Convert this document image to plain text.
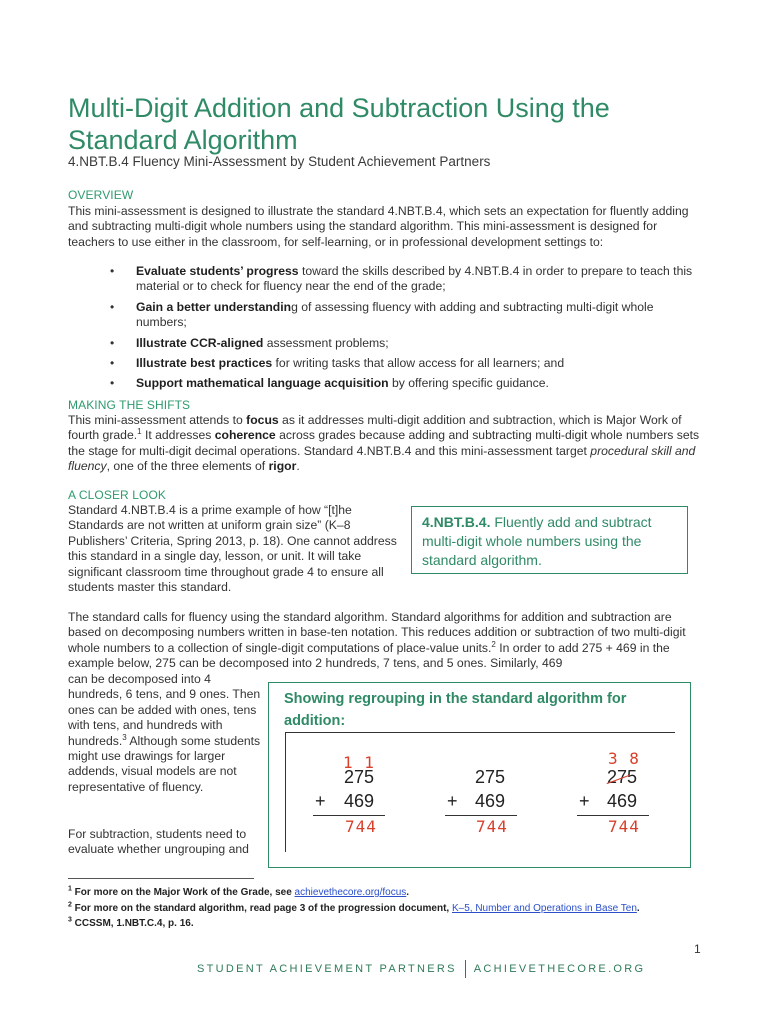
Multi-Digit Addition and Subtraction Using the Standard Algorithm
4.NBT.B.4 Fluency Mini-Assessment by Student Achievement Partners
OVERVIEW
This mini-assessment is designed to illustrate the standard 4.NBT.B.4, which sets an expectation for fluently adding and subtracting multi-digit whole numbers using the standard algorithm. This mini-assessment is designed for teachers to use either in the classroom, for self-learning, or in professional development settings to:
• Evaluate students’ progress toward the skills described by 4.NBT.B.4 in order to prepare to teach this material or to check for fluency near the end of the grade;
• Gain a better understanding of assessing fluency with adding and subtracting multi-digit whole numbers;
• Illustrate CCR-aligned assessment problems;
• Illustrate best practices for writing tasks that allow access for all learners; and
• Support mathematical language acquisition by offering specific guidance.
MAKING THE SHIFTS
This mini-assessment attends to focus as it addresses multi-digit addition and subtraction, which is Major Work of fourth grade.$^1$ It addresses coherence across grades because adding and subtracting multi-digit whole numbers sets the stage for multi-digit decimal operations. Standard 4.NBT.B.4 and this mini-assessment target procedural skill and fluency, one of the three elements of rigor.
A CLOSER LOOK
Standard 4.NBT.B.4 is a prime example of how “[t]he Standards are not written at uniform grain size” (K–8 Publishers’ Criteria, Spring 2013, p. 18). One cannot address this standard in a single day, lesson, or unit. It will take significant classroom time throughout grade 4 to ensure all students master this standard.
4.NBT.B.4. Fluently add and subtract multi-digit whole numbers using the standard algorithm.
The standard calls for fluency using the standard algorithm. Standard algorithms for addition and subtraction are based on decomposing numbers written in base-ten notation. This reduces addition or subtraction of two multi-digit whole numbers to a collection of single-digit computations of place-value units.$^2$ In order to add 275 + 469 in the example below, 275 can be decomposed into 2 hundreds, 7 tens, and 5 ones. Similarly, 469
can be decomposed into 4 hundreds, 6 tens, and 9 ones. Then ones can be added with ones, tens with tens, and hundreds with hundreds.$^3$ Although some students might use drawings for larger addends, visual models are not representative of fluency.
For subtraction, students need to evaluate whether ungrouping and
Showing regrouping in the standard algorithm for addition:
1 1
275
+ 469
744
275
+ 469
744
3 8
275
+ 469
744
$^1$ For more on the Major Work of the Grade, see achievethecore.org/focus.
$^2$ For more on the standard algorithm, read page 3 of the progression document, K–5, Number and Operations in Base Ten.
$^3$ CCSSM, 1.NBT.C.4, p. 16.
1
STUDENT ACHIEVEMENT PARTNERS ACHIEVETHECORE.ORG
